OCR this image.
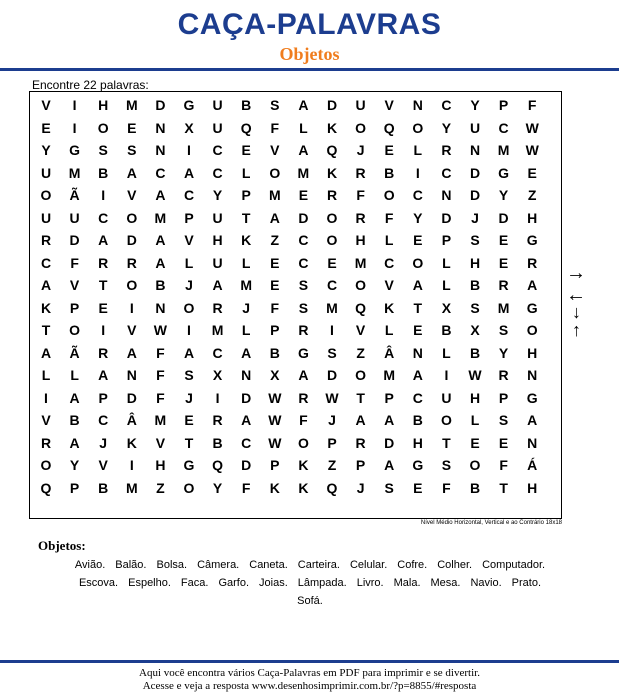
CAÇA-PALAVRAS
Objetos
Encontre 22 palavras:
V	I	H	M	D	G	U	B	S	A	D	U	V	N	C	Y	P	F
E	I	O	E	N	X	U	Q	F	L	K	O	Q	O	Y	U	C	W
Y	G	S	S	N	I	C	E	V	A	Q	J	E	L	R	N	M	W
U	M	B	A	C	A	C	L	O	M	K	R	B	I	C	D	G	E
O	Ã	I	V	A	C	Y	P	M	E	R	F	O	C	N	D	Y	Z
U	U	C	O	M	P	U	T	A	D	O	R	F	Y	D	J	D	H
R	D	A	D	A	V	H	K	Z	C	O	H	L	E	P	S	E	G
C	F	R	R	A	L	U	L	E	C	E	M	C	O	L	H	E	R
A	V	T	O	B	J	A	M	E	S	C	O	V	A	L	B	R	A
K	P	E	I	N	O	R	J	F	S	M	Q	K	T	X	S	M	G
T	O	I	V	W	I	M	L	P	R	I	V	L	E	B	X	S	O
A	Ã	R	A	F	A	C	A	B	G	S	Z	Â	N	L	B	Y	H
L	L	A	N	F	S	X	N	X	A	D	O	M	A	I	W	R	N
I	A	P	D	F	J	I	D	W	R	W	T	P	C	U	H	P	G
V	B	C	Â	M	E	R	A	W	F	J	A	A	B	O	L	S	A
R	A	J	K	V	T	B	C	W	O	P	R	D	H	T	E	E	N
O	Y	V	I	H	G	Q	D	P	K	Z	P	A	G	S	O	F	Á
Q	P	B	M	Z	O	Y	F	K	K	Q	J	S	E	F	B	T	H
Nível Médio Horizontal, Vertical e ao Contrário 18x18
→
←
↓
↑
Objetos:
Avião. Balão. Bolsa. Câmera. Caneta. Carteira. Celular. Cofre. Colher. Computador.
Escova. Espelho. Faca. Garfo. Joias. Lâmpada. Livro. Mala. Mesa. Navio. Prato.
Sofá.
Aqui você encontra vários Caça-Palavras em PDF para imprimir e se divertir.
Acesse e veja a resposta www.desenhosimprimir.com.br/?p=8855/#resposta
